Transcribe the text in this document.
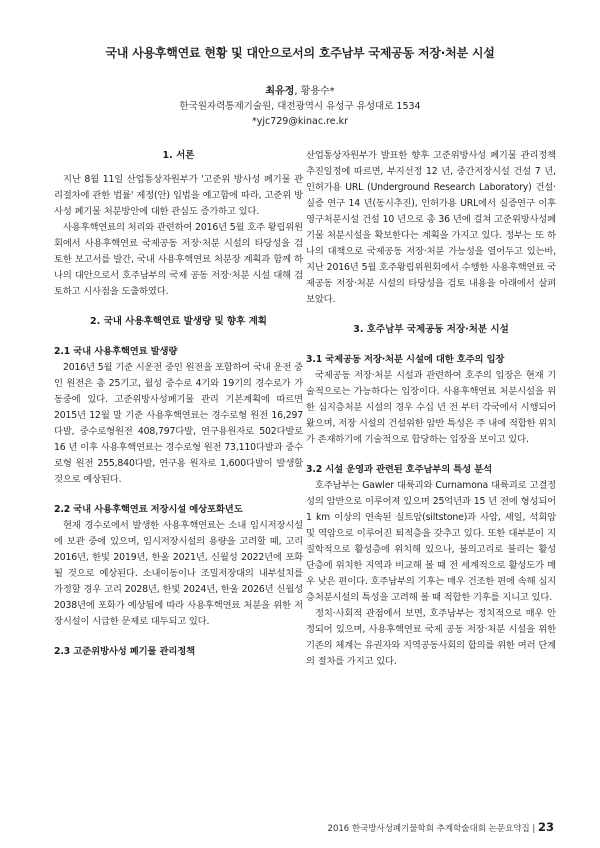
국내 사용후핵연료 현황 및 대안으로서의 호주남부 국제공동 저장·처분 시설
최유정, 황용수*
한국원자력통제기술원, 대전광역시 유성구 유성대로 1534
*yjc729@kinac.re.kr
1. 서론

지난 8월 11일 산업통상자원부가 '고준위 방사성 폐기물 관리절차에 관한 법률' 제정(안) 입법을 예고함에 따라, 고준위 방사성 폐기물 처분방안에 대한 관심도 증가하고 있다.

사용후핵연료의 처리와 관련하여 2016년 5월 호주 왕립위원회에서 사용후핵연료 국제공동 저장·처분 시설의 타당성을 검토한 보고서를 발간, 국내 사용후핵연료 처분장 계획과 함께 하나의 대안으로서 호주남부의 국제 공동 저장·처분 시설 대해 검토하고 시사점을 도출하였다.

2. 국내 사용후핵연료 발생량 및 향후 계획
2.1 국내 사용후핵연료 발생량

2016년 5월 기준 시운전 중인 원전을 포함하여 국내 운전 중인 원전은 총 25기고, 월성 중수로 4기와 19기의 경수로가 가동중에 있다. 고준위방사성폐기물 관리 기본계획에 따르면 2015년 12월 말 기준 사용후핵연료는 경수로형 원전 16,297다발, 중수로형원전 408,797다발, 연구용원자로 502다발로 16 년 이후 사용후핵연료는 경수로형 원전 73,110다발과 중수로형 원전 255,840다발, 연구용 원자로 1,600다발이 발생할 것으로 예상된다.

2.2 국내 사용후핵연료 저장시설 예상포화년도

현재 경수로에서 발생한 사용후핵연료는 소내 임시저장시설에 보관 중에 있으며, 임시저장시설의 용량을 고려할 때, 고리 2016년, 한빛 2019년, 한울 2021년, 신월성 2022년에 포화될 것으로 예상된다. 소내이동이나 조밀저장대의 내부설치를 가정할 경우 고리 2028년, 한빛 2024년, 한울 2026년 신월성 2038년에 포화가 예상됨에 따라 사용후핵연료 처분을 위한 저장시설이 시급한 문제로 대두되고 있다.

2.3 고준위방사성 폐기물 관리정책

산업통상자원부가 발표한 향후 고준위방사성 폐기물 관리정책 추진일정에 따르면, 부지선정 12 년, 중간저장시설 건설 7 년, 인허가용 URL (Underground Research Laboratory) 건설·실증 연구 14 년(동시추진), 인허가용 URL에서 실증연구 이후 영구처분시설 건설 10 년으로 총 36 년에 걸쳐 고준위방사성폐기물 처분시설을 확보한다는 계획을 가지고 있다. 정부는 또 하나의 대책으로 국제공동 저장·처분 가능성을 열어두고 있는바, 지난 2016년 5월 호주왕립위원회에서 수행한 사용후핵연료 국제공동 저장·처분 시설의 타당성을 검토 내용을 아래에서 살펴보았다.

3. 호주남부 국제공동 저장·처분 시설
3.1 국제공동 저장·처분 시설에 대한 호주의 입장

국제공동 저장·처분 시설과 관련하여 호주의 입장은 현재 기술적으로는 가능하다는 입장이다. 사용후핵연료 처분시설을 위한 심지층처분 시설의 경우 수십 년 전 부터 각국에서 시행되어 왔으며, 저장 시설의 건설위한 암반 특성은 주 내에 적합한 위치가 존재하기에 기술적으로 합당하는 입장을 보이고 있다.

3.2 시설 운영과 관련된 호주남부의 특성 분석

호주남부는 Gawler 대륙괴와 Curnamona 대륙괴로 고결정성의 암반으로 이루어져 있으며 25억년과 15 년 전에 형성되어 1 km 이상의 연속된 실트암(siltstone)과 사암, 셰일, 석회암 및 역암으로 이루어진 퇴적층을 갖추고 있다. 또한 대부분이 지질학적으로 활성층에 위치해 있으나, 불의고리로 불리는 활성 단층에 위치한 지역과 비교해 볼 때 전 세계적으로 활성도가 매우 낮은 편이다. 호주남부의 기후는 매우 건조한 편에 속해 심지층처분시설의 특성을 고려해 볼 때 적합한 기후를 지니고 있다.

정치·사회적 관점에서 보면, 호주남부는 정치적으로 매우 안정되어 있으며, 사용후핵연료 국제 공동 저장·처분 시설을 위한 기존의 체계는 유권자와 지역공동사회의 합의를 위한 여러 단계의 절차를 가지고 있다.

2016 한국방사성폐기물학회 추계학술대회 논문요약집 | 23
